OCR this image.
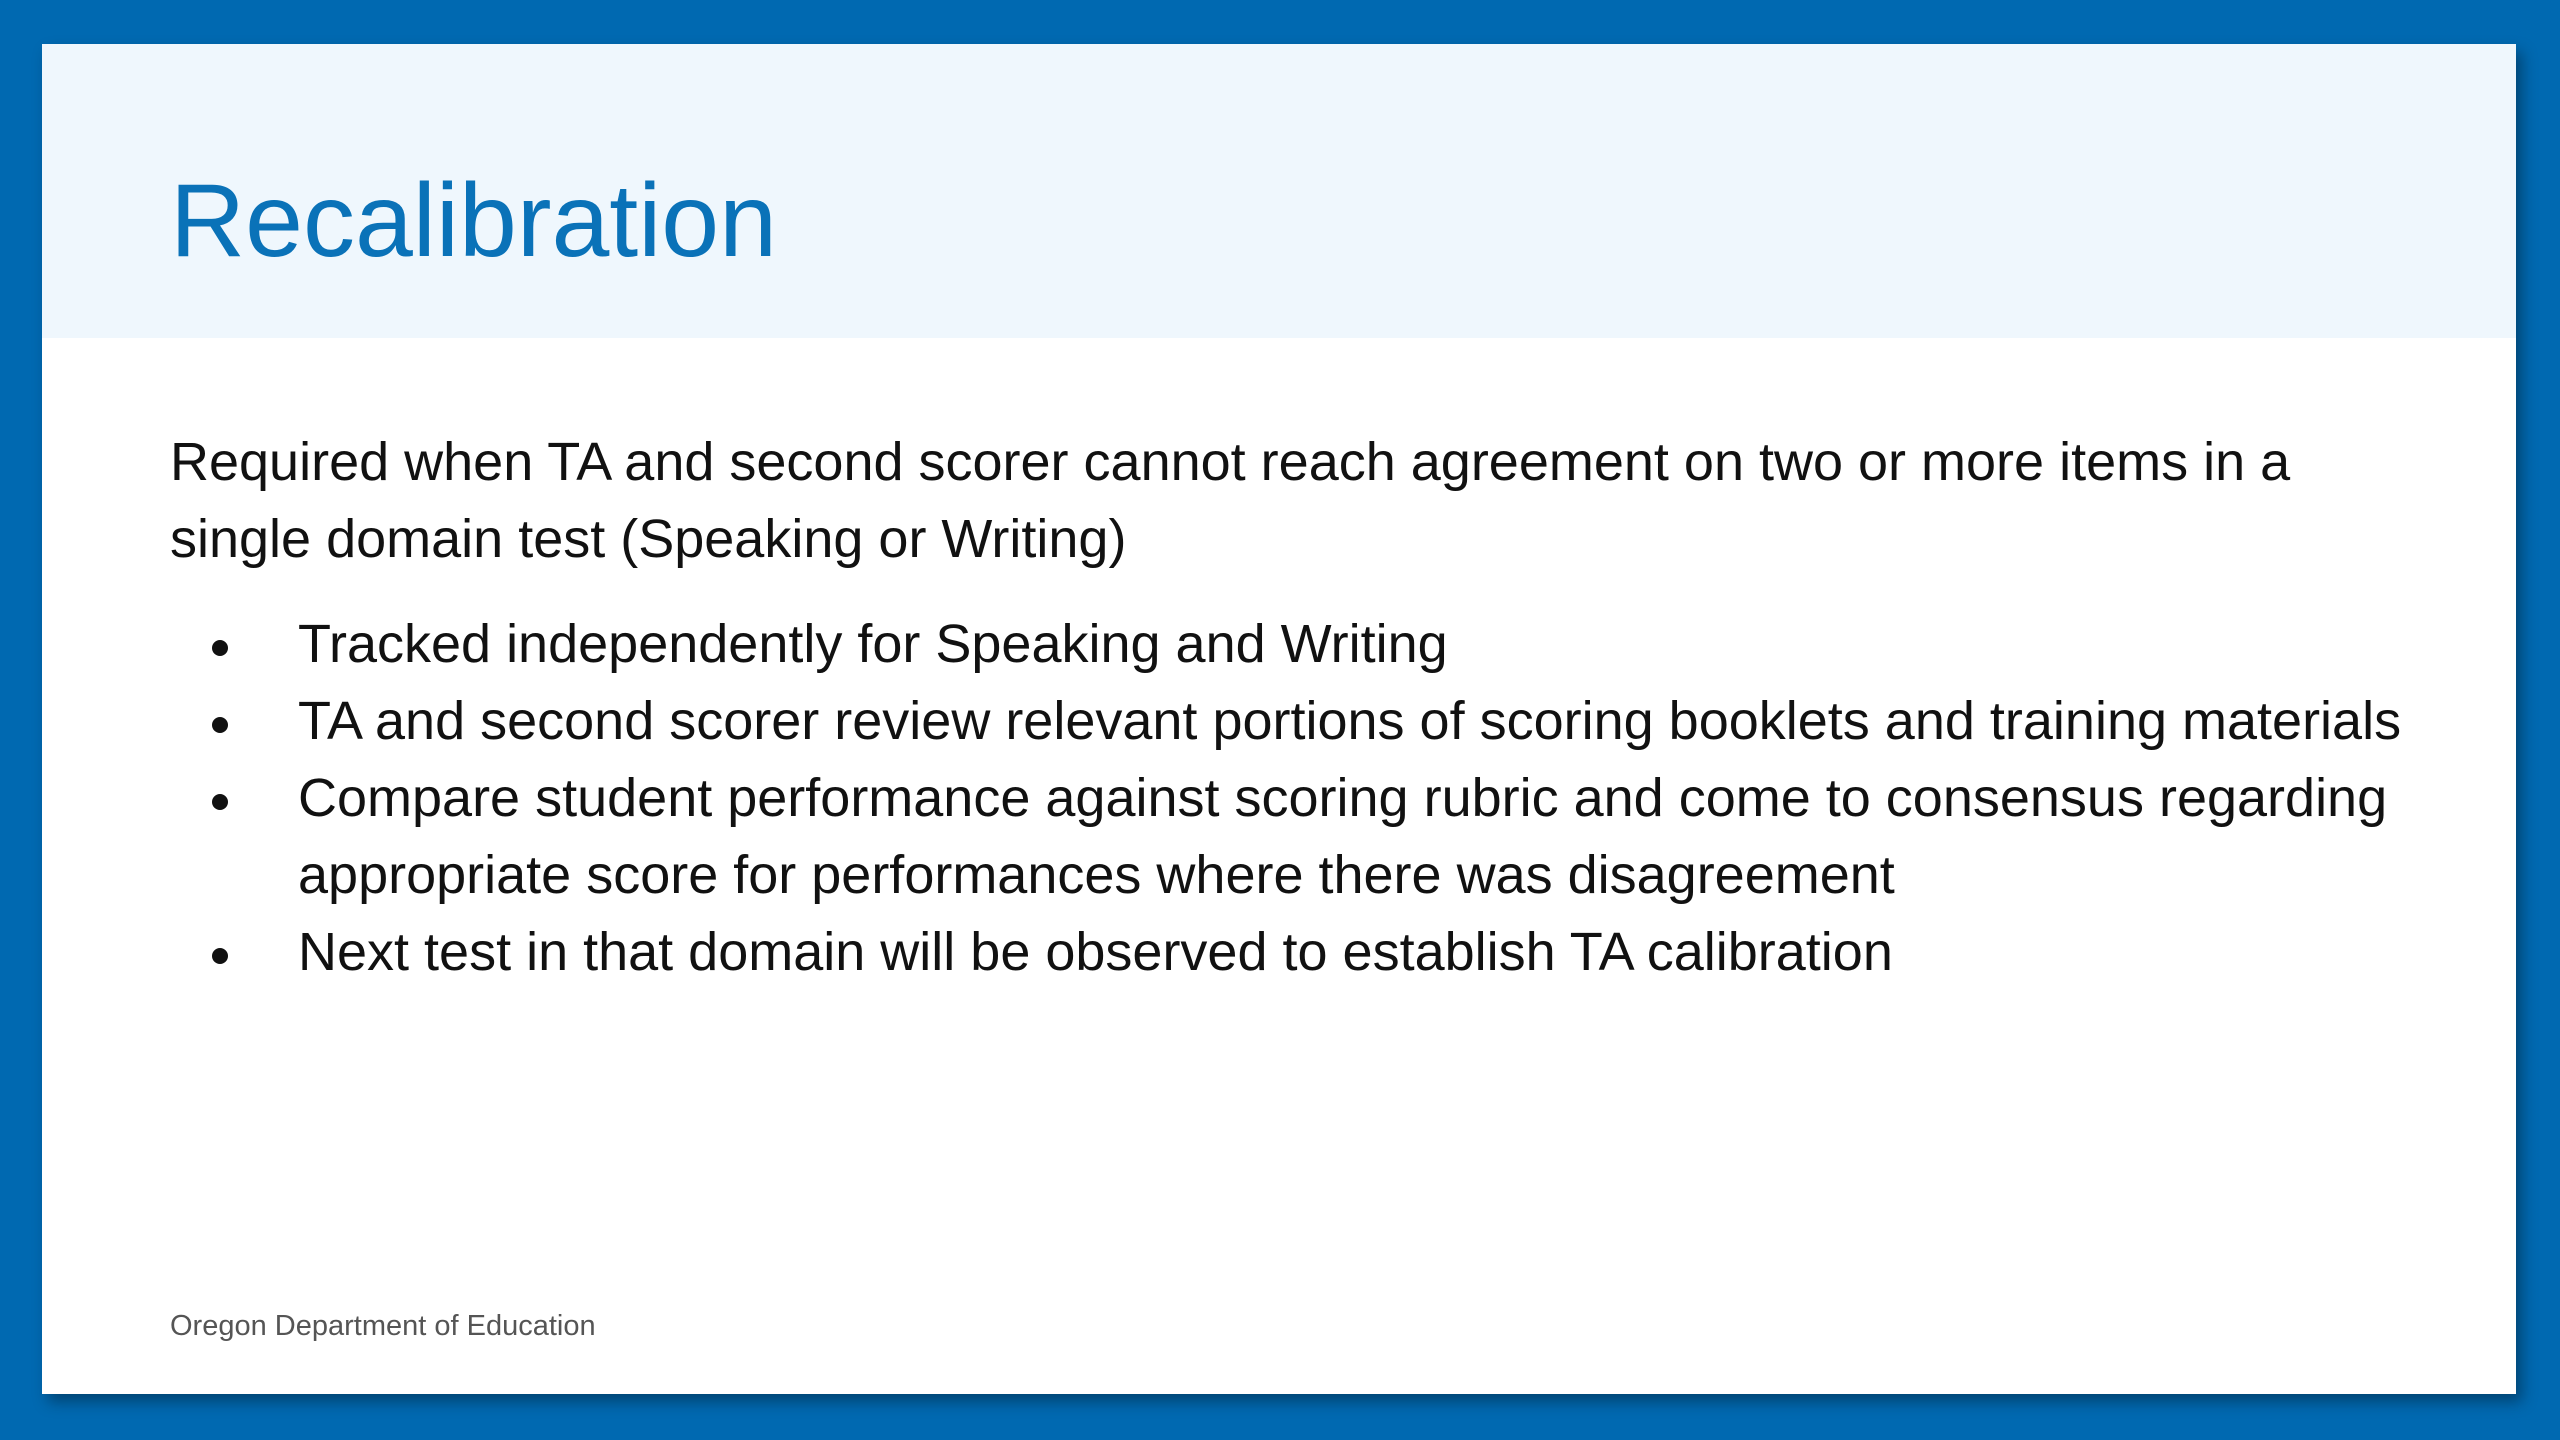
Recalibration

Required when TA and second scorer cannot reach agreement on two or more items in a single domain test (Speaking or Writing)

Tracked independently for Speaking and Writing
TA and second scorer review relevant portions of scoring booklets and training materials
Compare student performance against scoring rubric and come to consensus regarding appropriate score for performances where there was disagreement
Next test in that domain will be observed to establish TA calibration
Oregon Department of Education
